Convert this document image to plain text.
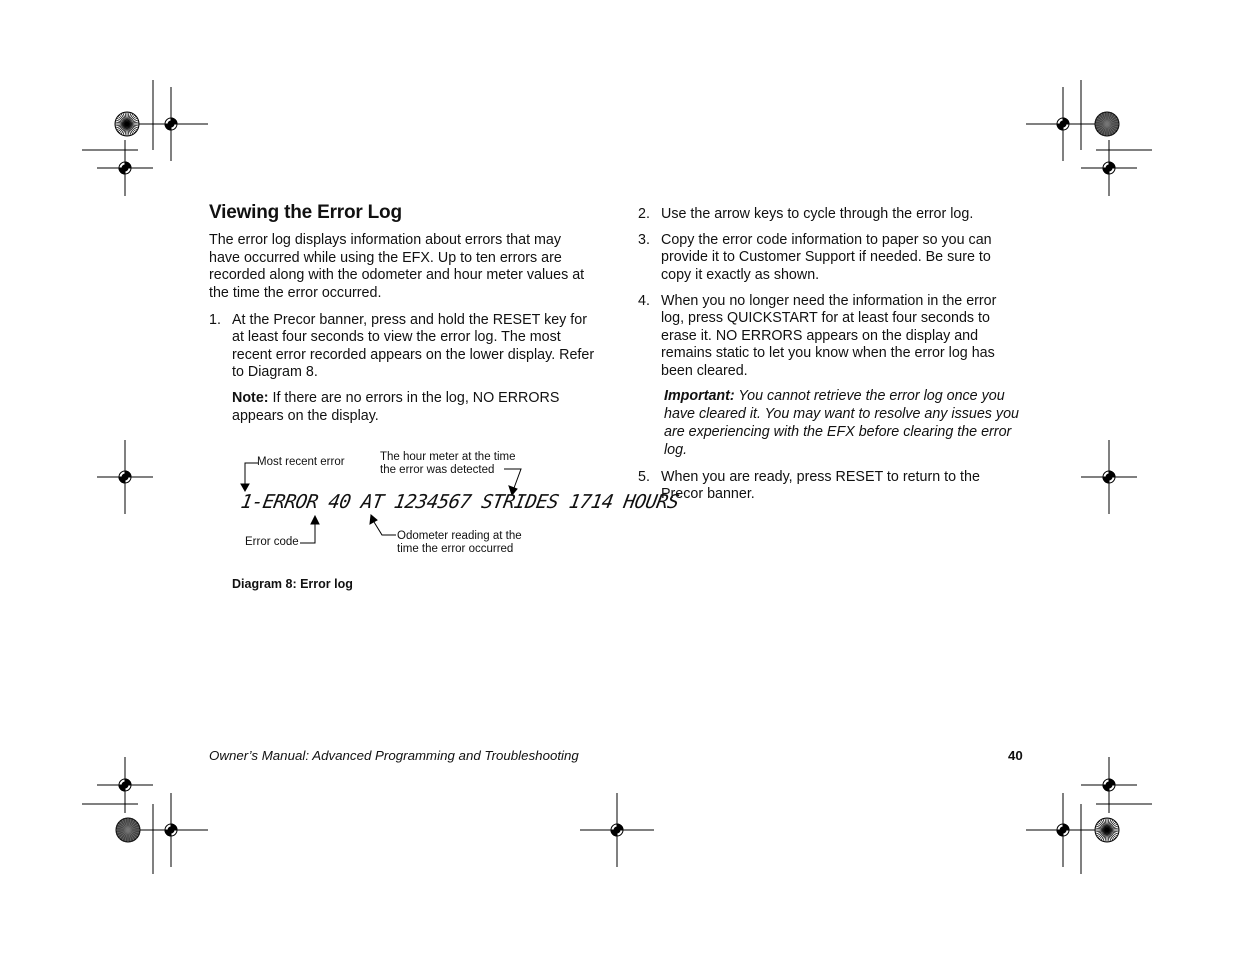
Viewing the Error Log

The error log displays information about errors that may have occurred while using the EFX. Up to ten errors are recorded along with the odometer and hour meter values at the time the error occurred.

1. At the Precor banner, press and hold the RESET key for at least four seconds to view the error log. The most recent error recorded appears on the lower display. Refer to Diagram 8.
Note: If there are no errors in the log, NO ERRORS appears on the display.
Most recent error	The hour meter at the time the error was detected
1-ERROR 40 AT 1234567 STRIDES 1714 HOURS
Error code	Odometer reading at the time the error occurred
Diagram 8: Error log
2. Use the arrow keys to cycle through the error log.
3. Copy the error code information to paper so you can provide it to Customer Support if needed. Be sure to copy it exactly as shown.
4. When you no longer need the information in the error log, press QUICKSTART for at least four seconds to erase it. NO ERRORS appears on the display and remains static to let you know when the error log has been cleared.
Important: You cannot retrieve the error log once you have cleared it. You may want to resolve any issues you are experiencing with the EFX before clearing the error log.
5. When you are ready, press RESET to return to the Precor banner.
Owner’s Manual: Advanced Programming and Troubleshooting	40
